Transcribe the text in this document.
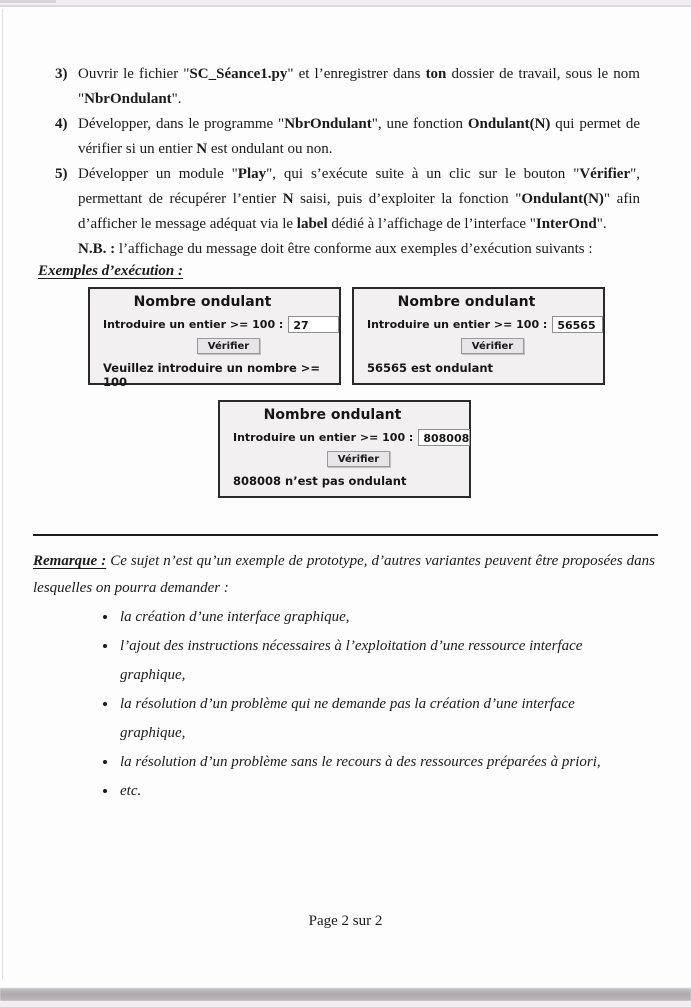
3) Ouvrir le fichier "SC_Séance1.py" et l’enregistrer dans ton dossier de travail, sous le nom "NbrOndulant".
4) Développer, dans le programme "NbrOndulant", une fonction Ondulant(N) qui permet de vérifier si un entier N est ondulant ou non.
5) Développer un module "Play", qui s’exécute suite à un clic sur le bouton "Vérifier", permettant de récupérer l’entier N saisi, puis d’exploiter la fonction "Ondulant(N)" afin d’afficher le message adéquat via le label dédié à l’affichage de l’interface "InterOnd".
N.B. : l’affichage du message doit être conforme aux exemples d’exécution suivants :
Exemples d’exécution :
Nombre ondulant
Introduire un entier >= 100 : 27
Vérifier
Veuillez introduire un nombre >= 100
Nombre ondulant
Introduire un entier >= 100 : 56565
Vérifier
56565 est ondulant
Nombre ondulant
Introduire un entier >= 100 : 808008
Vérifier
808008 n’est pas ondulant
Remarque : Ce sujet n’est qu’un exemple de prototype, d’autres variantes peuvent être proposées dans lesquelles on pourra demander :
• la création d’une interface graphique,
• l’ajout des instructions nécessaires à l’exploitation d’une ressource interface graphique,
• la résolution d’un problème qui ne demande pas la création d’une interface graphique,
• la résolution d’un problème sans le recours à des ressources préparées à priori,
• etc.
Page 2 sur 2
